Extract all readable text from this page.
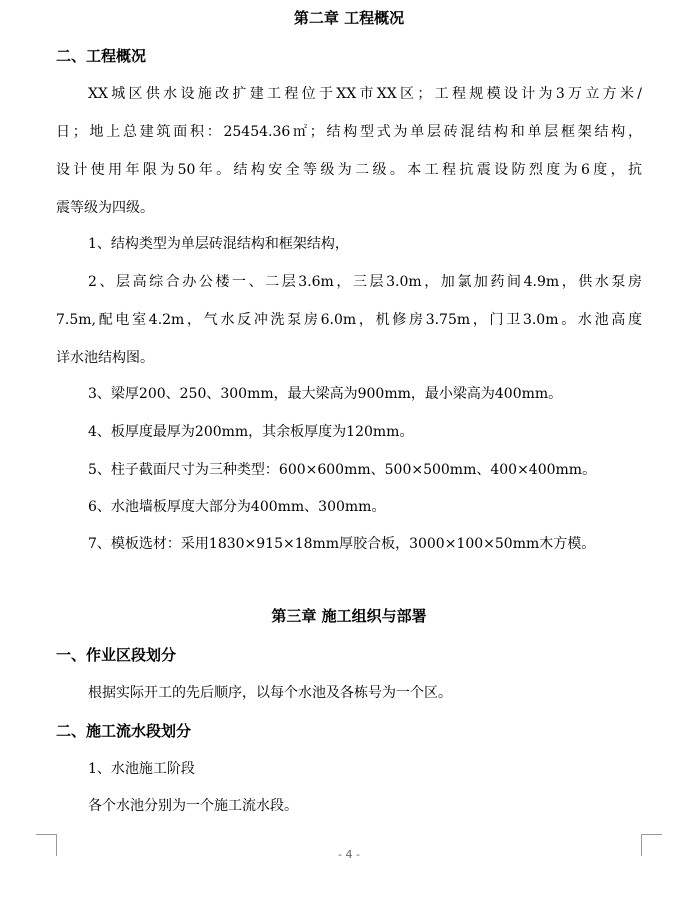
第二章 工程概况
二、工程概况
XX城区供水设施改扩建工程位于XX市XX区；工程规模设计为3万立方米/
日；地上总建筑面积：25454.36㎡；结构型式为单层砖混结构和单层框架结构，
设计使用年限为50年。结构安全等级为二级。本工程抗震设防烈度为6度，抗
震等级为四级。
1、结构类型为单层砖混结构和框架结构，
2、层高综合办公楼一、二层3.6m，三层3.0m，加氯加药间4.9m，供水泵房
7.5m,配电室4.2m，气水反冲洗泵房6.0m，机修房3.75m，门卫3.0m。水池高度
详水池结构图。
3、梁厚200、250、300mm，最大梁高为900mm，最小梁高为400mm。
4、板厚度最厚为200mm，其余板厚度为120mm。
5、柱子截面尺寸为三种类型：600×600mm、500×500mm、400×400mm。
6、水池墙板厚度大部分为400mm、300mm。
7、模板选材：采用1830×915×18mm厚胶合板，3000×100×50mm木方模。
第三章 施工组织与部署
一、作业区段划分
根据实际开工的先后顺序，以每个水池及各栋号为一个区。
二、施工流水段划分
1、水池施工阶段
各个水池分别为一个施工流水段。
- 4 -
